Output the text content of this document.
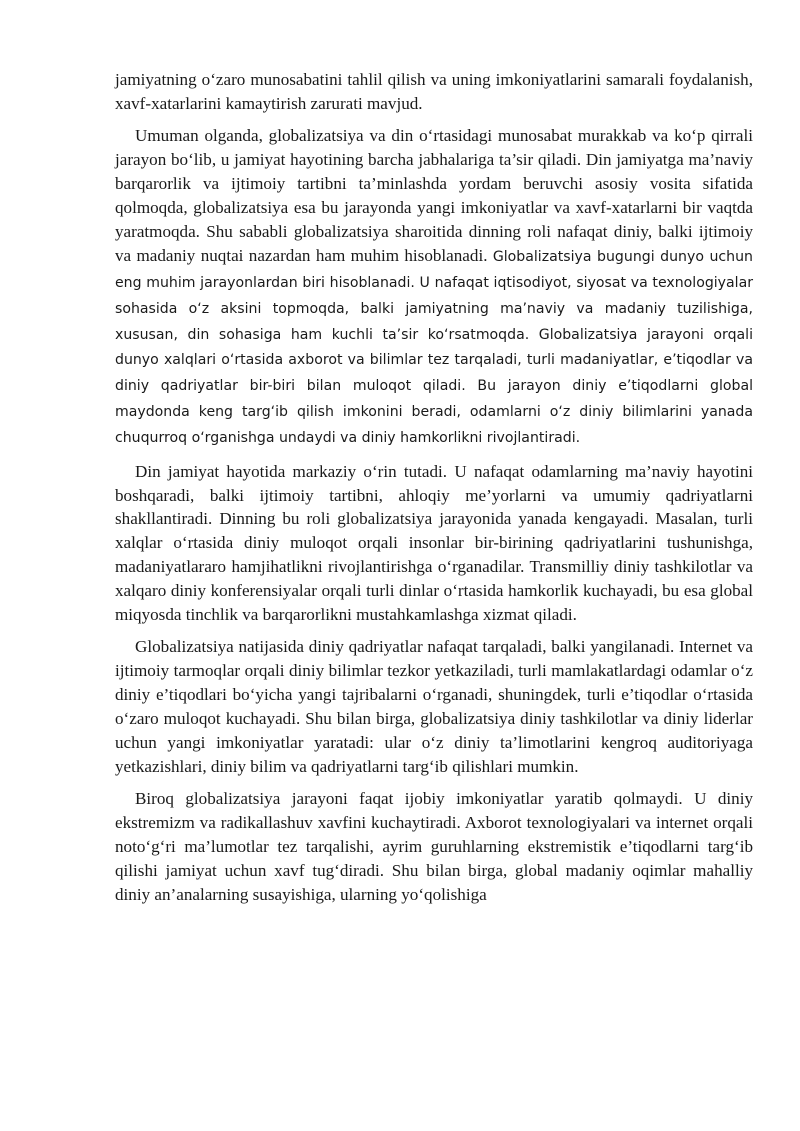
jamiyatning o‘zaro munosabatini tahlil qilish va uning imkoniyatlarini samarali foydalanish, xavf-xatarlarini kamaytirish zarurati mavjud.

Umuman olganda, globalizatsiya va din o‘rtasidagi munosabat murakkab va ko‘p qirrali jarayon bo‘lib, u jamiyat hayotining barcha jabhalariga ta’sir qiladi. Din jamiyatga ma’naviy barqarorlik va ijtimoiy tartibni ta’minlashda yordam beruvchi asosiy vosita sifatida qolmoqda, globalizatsiya esa bu jarayonda yangi imkoniyatlar va xavf-xatarlarni bir vaqtda yaratmoqda. Shu sababli globalizatsiya sharoitida dinning roli nafaqat diniy, balki ijtimoiy va madaniy nuqtai nazardan ham muhim hisoblanadi. Globalizatsiya bugungi dunyo uchun eng muhim jarayonlardan biri hisoblanadi. U nafaqat iqtisodiyot, siyosat va texnologiyalar sohasida o‘z aksini topmoqda, balki jamiyatning ma’naviy va madaniy tuzilishiga, xususan, din sohasiga ham kuchli ta’sir ko‘rsatmoqda. Globalizatsiya jarayoni orqali dunyo xalqlari o‘rtasida axborot va bilimlar tez tarqaladi, turli madaniyatlar, e’tiqodlar va diniy qadriyatlar bir-biri bilan muloqot qiladi. Bu jarayon diniy e’tiqodlarni global maydonda keng targ‘ib qilish imkonini beradi, odamlarni o‘z diniy bilimlarini yanada chuqurroq o‘rganishga undaydi va diniy hamkorlikni rivojlantiradi.

Din jamiyat hayotida markaziy o‘rin tutadi. U nafaqat odamlarning ma’naviy hayotini boshqaradi, balki ijtimoiy tartibni, ahloqiy me’yorlarni va umumiy qadriyatlarni shakllantiradi. Dinning bu roli globalizatsiya jarayonida yanada kengayadi. Masalan, turli xalqlar o‘rtasida diniy muloqot orqali insonlar bir-birining qadriyatlarini tushunishga, madaniyatlararo hamjihatlikni rivojlantirishga o‘rganadilar. Transmilliy diniy tashkilotlar va xalqaro diniy konferensiyalar orqali turli dinlar o‘rtasida hamkorlik kuchayadi, bu esa global miqyosda tinchlik va barqarorlikni mustahkamlashga xizmat qiladi.

Globalizatsiya natijasida diniy qadriyatlar nafaqat tarqaladi, balki yangilanadi. Internet va ijtimoiy tarmoqlar orqali diniy bilimlar tezkor yetkaziladi, turli mamlakatlardagi odamlar o‘z diniy e’tiqodlari bo‘yicha yangi tajribalarni o‘rganadi, shuningdek, turli e’tiqodlar o‘rtasida o‘zaro muloqot kuchayadi. Shu bilan birga, globalizatsiya diniy tashkilotlar va diniy liderlar uchun yangi imkoniyatlar yaratadi: ular o‘z diniy ta’limotlarini kengroq auditoriyaga yetkazishlari, diniy bilim va qadriyatlarni targ‘ib qilishlari mumkin.

Biroq globalizatsiya jarayoni faqat ijobiy imkoniyatlar yaratib qolmaydi. U diniy ekstremizm va radikallashuv xavfini kuchaytiradi. Axborot texnologiyalari va internet orqali noto‘g‘ri ma’lumotlar tez tarqalishi, ayrim guruhlarning ekstremistik e’tiqodlarni targ‘ib qilishi jamiyat uchun xavf tug‘diradi. Shu bilan birga, global madaniy oqimlar mahalliy diniy an’analarning susayishiga, ularning yo‘qolishiga
